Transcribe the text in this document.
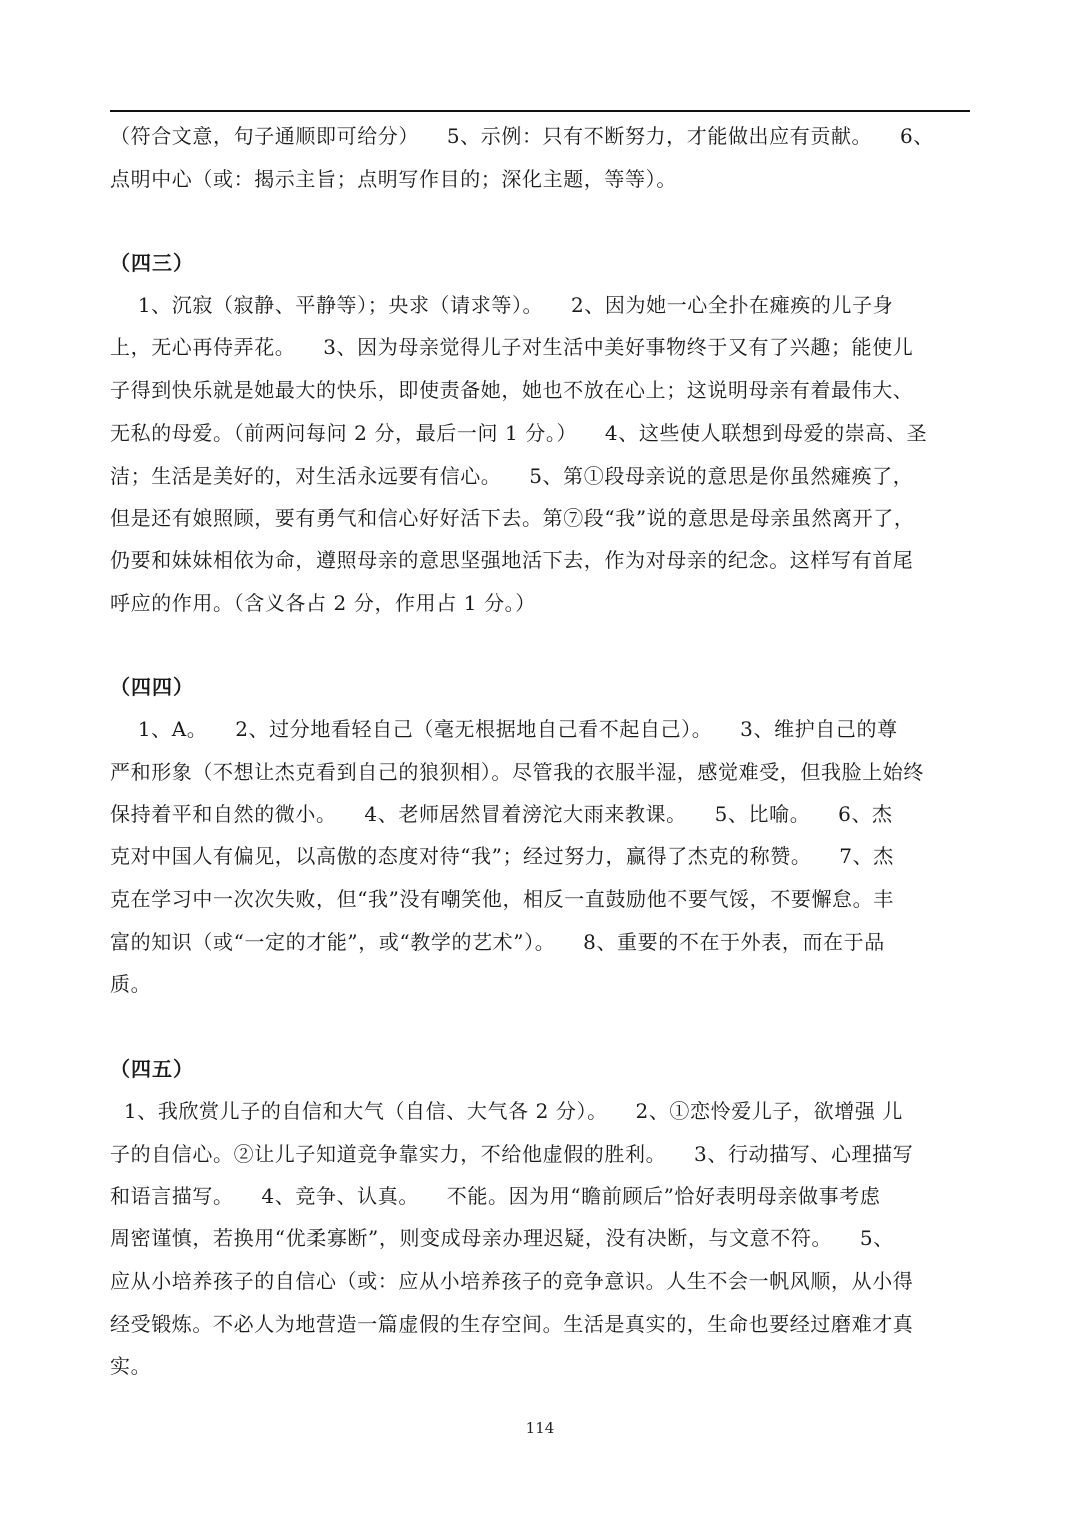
（符合文意，句子通顺即可给分）    5、示例：只有不断努力，才能做出应有贡献。    6、
点明中心（或：揭示主旨；点明写作目的；深化主题，等等）。
（四三）
1、沉寂（寂静、平静等）；央求（请求等）。    2、因为她一心全扑在瘫痪的儿子身
上，无心再侍弄花。    3、因为母亲觉得儿子对生活中美好事物终于又有了兴趣；能使儿
子得到快乐就是她最大的快乐，即使责备她，她也不放在心上；这说明母亲有着最伟大、
无私的母爱。（前两问每问 2 分，最后一问 1 分。）    4、这些使人联想到母爱的崇高、圣
洁；生活是美好的，对生活永远要有信心。    5、第①段母亲说的意思是你虽然瘫痪了，
但是还有娘照顾，要有勇气和信心好好活下去。第⑦段“我”说的意思是母亲虽然离开了，
仍要和妹妹相依为命，遵照母亲的意思坚强地活下去，作为对母亲的纪念。这样写有首尾
呼应的作用。（含义各占 2 分，作用占 1 分。）
（四四）
1、A。    2、过分地看轻自己（毫无根据地自己看不起自己）。    3、维护自己的尊
严和形象（不想让杰克看到自己的狼狈相）。尽管我的衣服半湿，感觉难受，但我脸上始终
保持着平和自然的微小。    4、老师居然冒着滂沱大雨来教课。    5、比喻。    6、杰
克对中国人有偏见，以高傲的态度对待“我”；经过努力，赢得了杰克的称赞。    7、杰
克在学习中一次次失败，但“我”没有嘲笑他，相反一直鼓励他不要气馁，不要懈怠。丰
富的知识（或“一定的才能”，或“教学的艺术”）。    8、重要的不在于外表，而在于品
质。
（四五）
1、我欣赏儿子的自信和大气（自信、大气各 2 分）。    2、①恋怜爱儿子，欲增强 儿
子的自信心。②让儿子知道竞争靠实力，不给他虚假的胜利。    3、行动描写、心理描写
和语言描写。    4、竞争、认真。    不能。因为用“瞻前顾后”恰好表明母亲做事考虑
周密谨慎，若换用“优柔寡断”，则变成母亲办理迟疑，没有决断，与文意不符。    5、
应从小培养孩子的自信心（或：应从小培养孩子的竞争意识。人生不会一帆风顺，从小得
经受锻炼。不必人为地营造一篇虚假的生存空间。生活是真实的，生命也要经过磨难才真
实。
114
